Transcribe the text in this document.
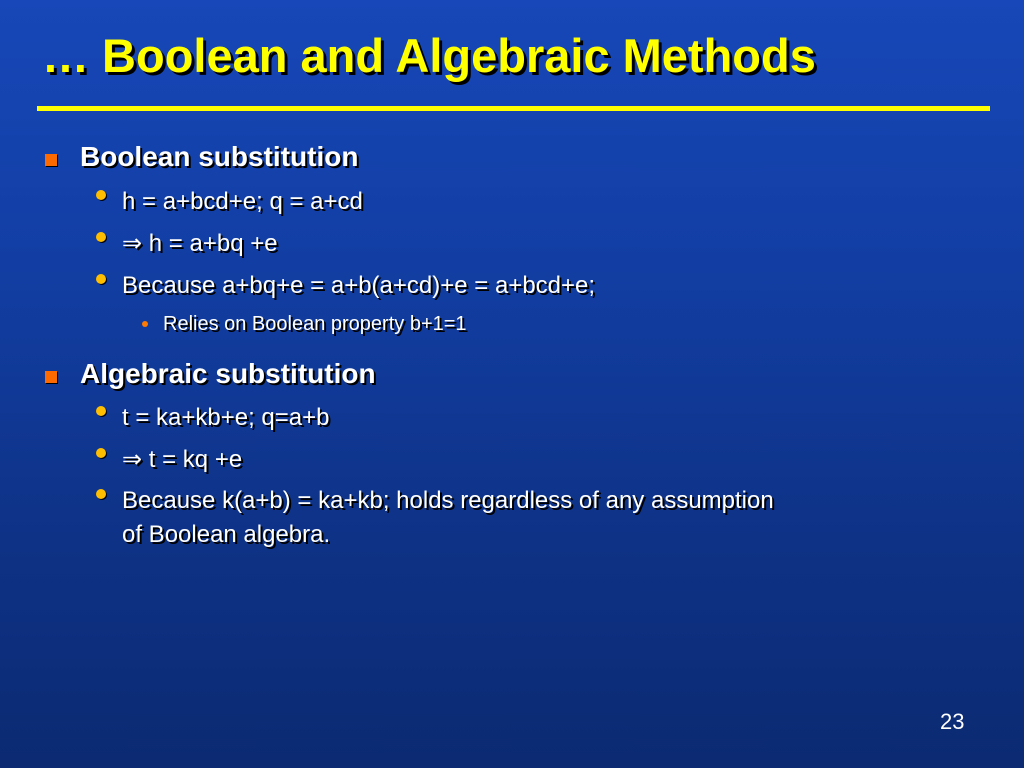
… Boolean and Algebraic Methods
Boolean substitution
h = a+bcd+e; q = a+cd
⇒ h = a+bq +e
Because a+bq+e = a+b(a+cd)+e = a+bcd+e;
Relies on Boolean property b+1=1
Algebraic substitution
t = ka+kb+e; q=a+b
⇒ t = kq +e
Because k(a+b) = ka+kb; holds regardless of any assumption
of Boolean algebra.
23
